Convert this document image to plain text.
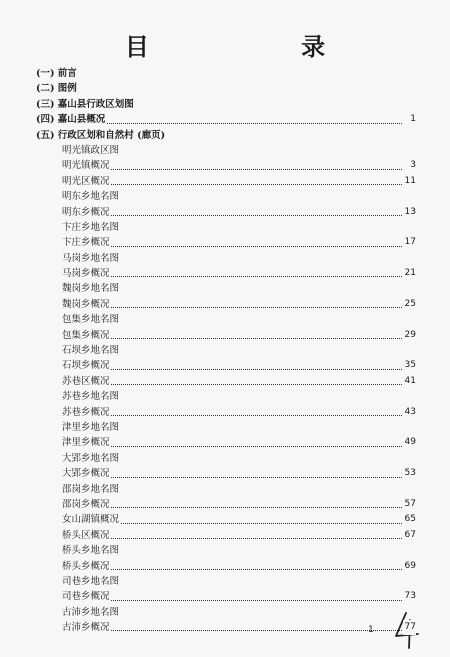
目 录
(一) 前言
(二) 图例
(三) 嘉山县行政区划图
(四) 嘉山县概况	1
(五) 行政区划和自然村 (廊页)
明光镇政区图
明光镇概况	3
明光区概况	11
明东乡地名图
明东乡概况	13
卞庄乡地名图
卞庄乡概况	17
马岗乡地名图
马岗乡概况	21
魏岗乡地名图
魏岗乡概况	25
包集乡地名图
包集乡概况	29
石坝乡地名图
石坝乡概况	35
苏巷区概况	41
苏巷乡地名图
苏巷乡概况	43
津里乡地名图
津里乡概况	49
大郢乡地名图
大郢乡概况	53
邵岗乡地名图
邵岗乡概况	57
女山湖镇概况	65
桥头区概况	67
桥头乡地名图
桥头乡概况	69
司巷乡地名图
司巷乡概况	73
古沛乡地名图
古沛乡概况	77
1
